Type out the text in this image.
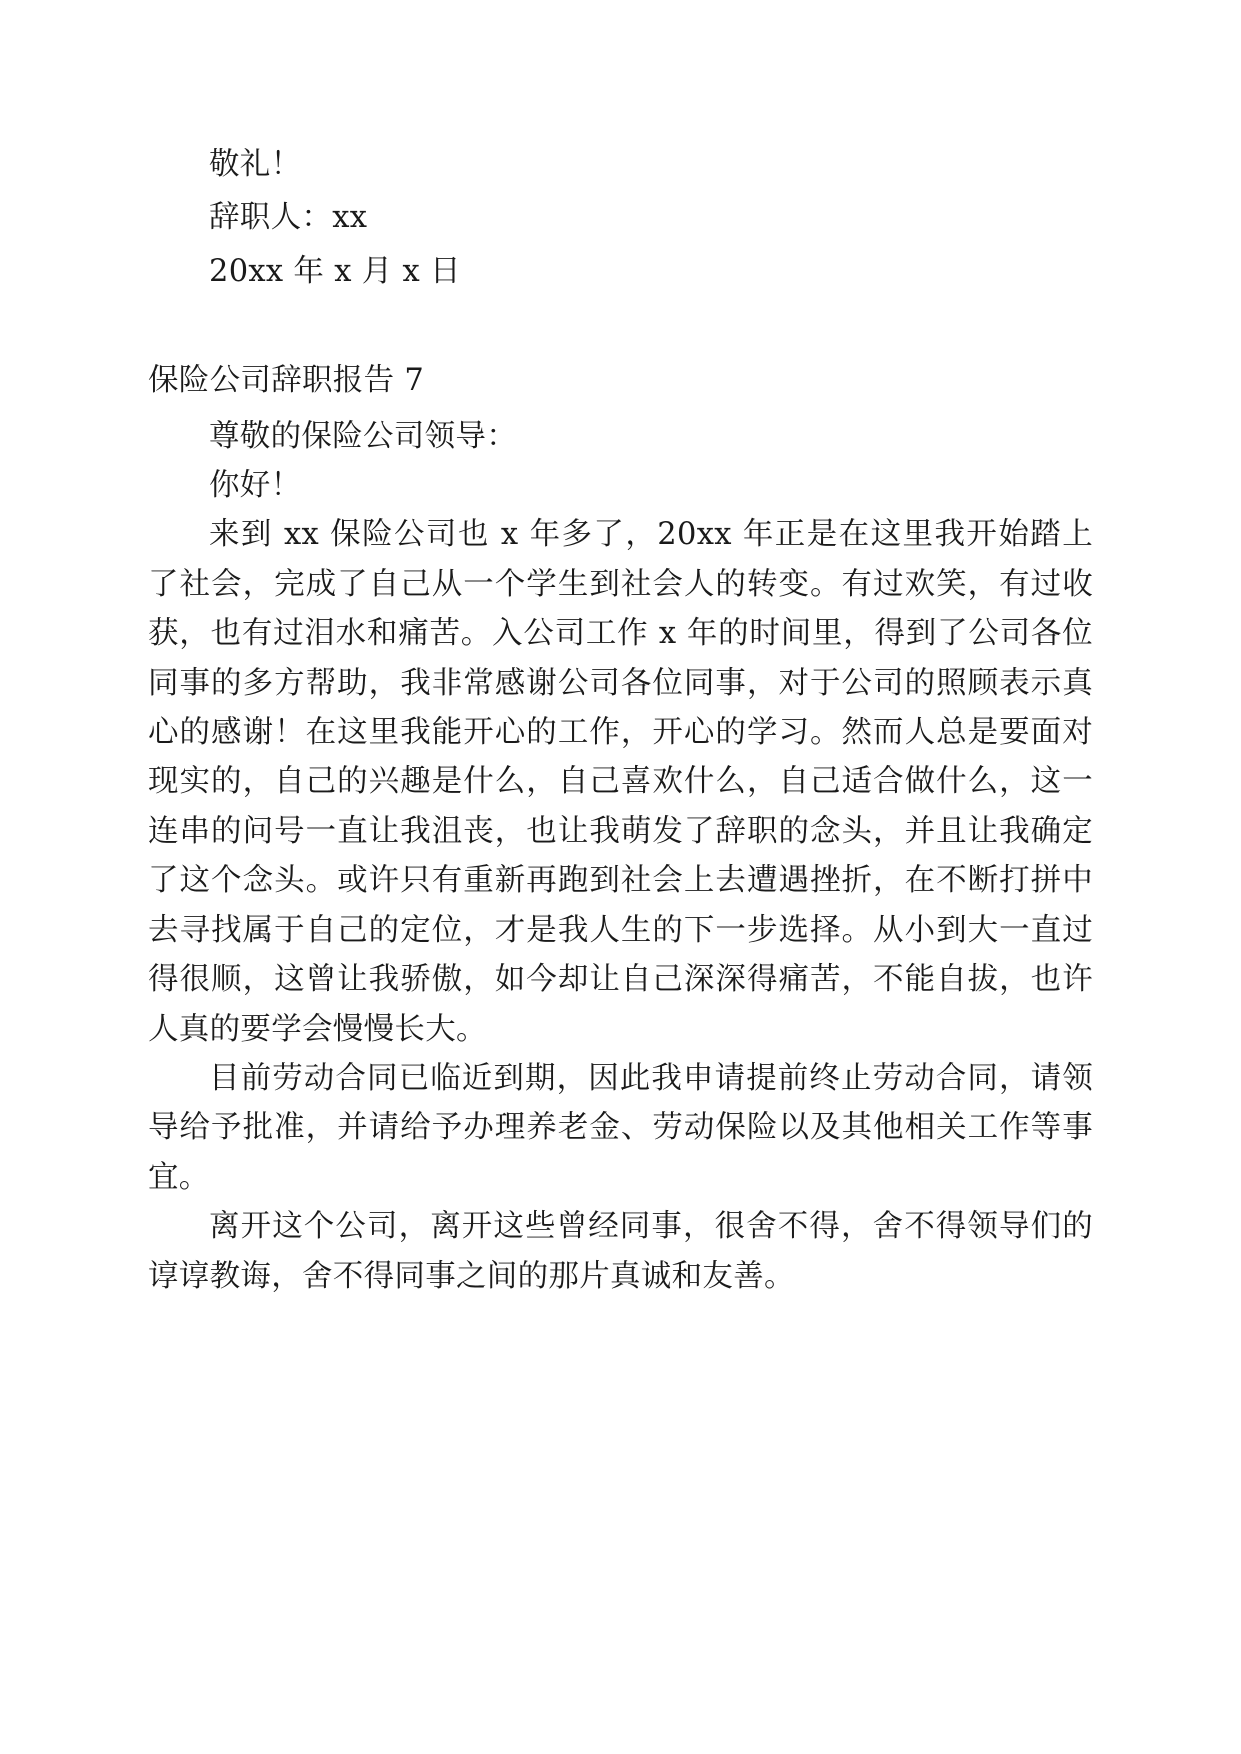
敬礼！

辞职人：xx

20xx 年 x 月 x 日

保险公司辞职报告 7

尊敬的保险公司领导：

你好！

来到 xx 保险公司也 x 年多了，20xx 年正是在这里我开始踏上了社会，完成了自己从一个学生到社会人的转变。有过欢笑，有过收获，也有过泪水和痛苦。入公司工作 x 年的时间里，得到了公司各位同事的多方帮助，我非常感谢公司各位同事，对于公司的照顾表示真心的感谢！在这里我能开心的工作，开心的学习。然而人总是要面对现实的，自己的兴趣是什么，自己喜欢什么，自己适合做什么，这一连串的问号一直让我沮丧，也让我萌发了辞职的念头，并且让我确定了这个念头。或许只有重新再跑到社会上去遭遇挫折，在不断打拼中去寻找属于自己的定位，才是我人生的下一步选择。从小到大一直过得很顺，这曾让我骄傲，如今却让自己深深得痛苦，不能自拔，也许人真的要学会慢慢长大。

目前劳动合同已临近到期，因此我申请提前终止劳动合同，请领导给予批准，并请给予办理养老金、劳动保险以及其他相关工作等事宜。

离开这个公司，离开这些曾经同事，很舍不得，舍不得领导们的谆谆教诲，舍不得同事之间的那片真诚和友善。
